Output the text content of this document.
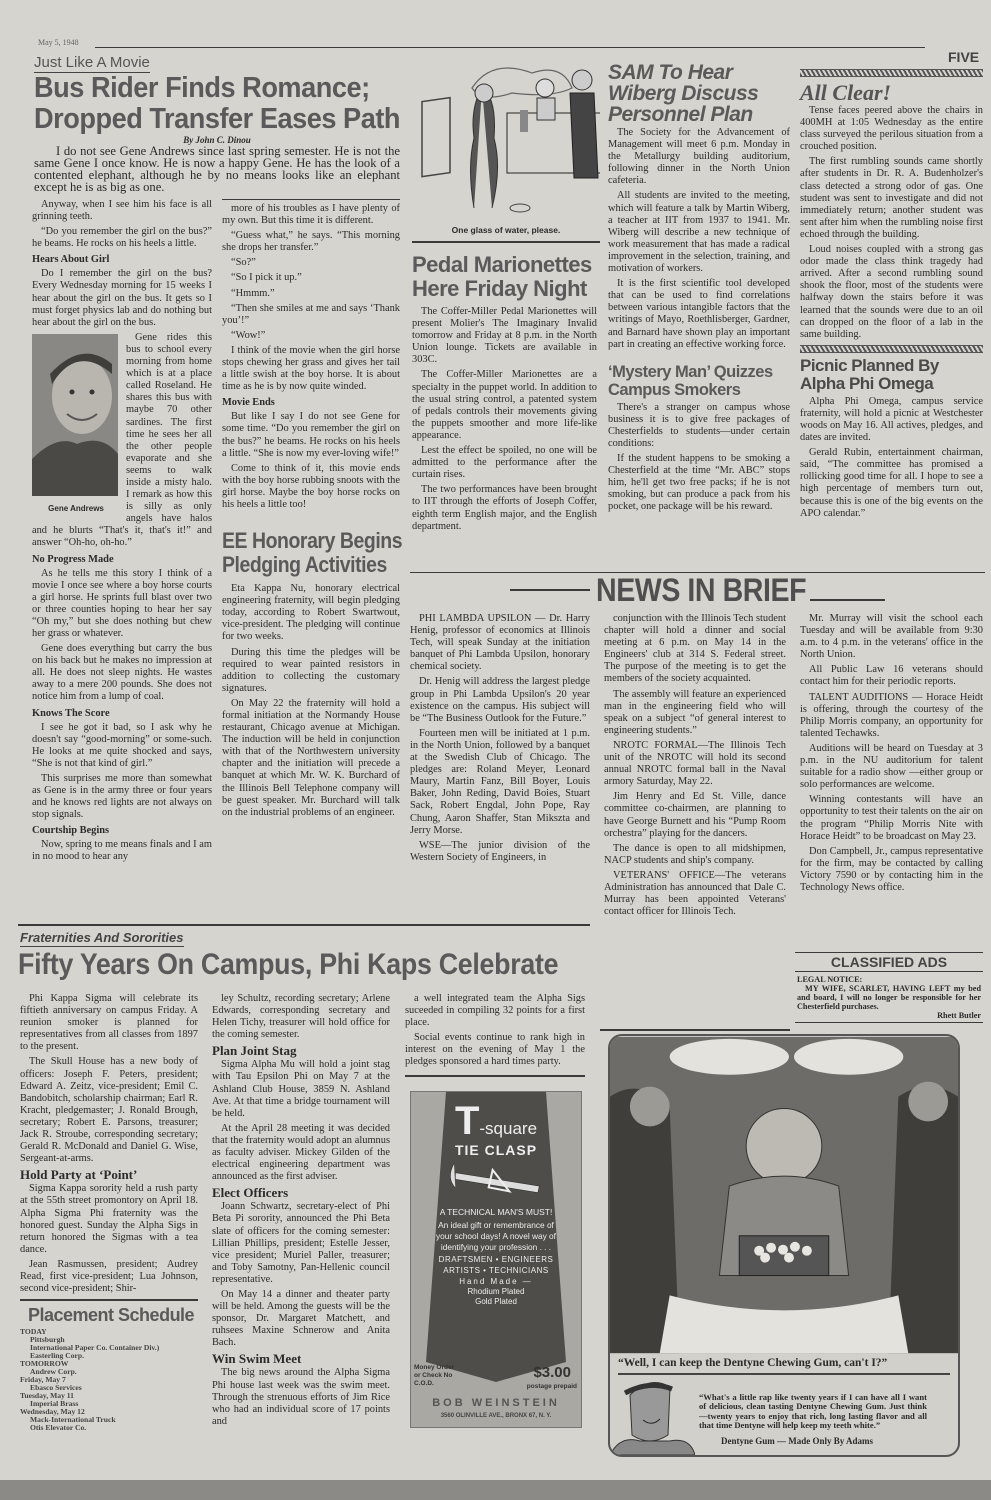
May 5, 1948
FIVE
Just Like A Movie
Bus Rider Finds Romance;
Dropped Transfer Eases Path
By John C. Dinou
I do not see Gene Andrews since last spring semester. He is not the same Gene I once know. He is now a happy Gene. He has the look of a contented elephant, although he by no means looks like an elephant except he is as big as one.

Anyway, when I see him his face is all grinning teeth.

“Do you remember the girl on the bus?” he beams. He rocks on his heels a little.

Hears About Girl

Do I remember the girl on the bus? Every Wednesday morning for 15 weeks I hear about the girl on the bus. It gets so I must forget physics lab and do nothing but hear about the girl on the bus.

Gene Andrews

Gene rides this bus to school every morning from home which is at a place called Roseland. He shares this bus with maybe 70 other sardines. The first time he sees her all the other people evaporate and she seems to walk inside a misty halo. I remark as how this is silly as only angels have halos and he blurts “That's it, that's it!” and answer “Oh-ho, oh-ho.”

No Progress Made

As he tells me this story I think of a movie I once see where a boy horse courts a girl horse. He sprints full blast over two or three counties hoping to hear her say “Oh my,” but she does nothing but chew her grass or whatever.

Gene does everything but carry the bus on his back but he makes no impression at all. He does not sleep nights. He wastes away to a mere 200 pounds. She does not notice him from a lump of coal.

Knows The Score

I see he got it bad, so I ask why he doesn't say “good-morning” or some-such. He looks at me quite shocked and says, “She is not that kind of girl.”

This surprises me more than somewhat as Gene is in the army three or four years and he knows red lights are not always on stop signals.

Courtship Begins

Now, spring to me means finals and I am in no mood to hear any

more of his troubles as I have plenty of my own. But this time it is different.

“Guess what,” he says. “This morning she drops her transfer.”

“So?”

“So I pick it up.”

“Hmmm.”

“Then she smiles at me and says ‘Thank you’!”

“Wow!”

I think of the movie when the girl horse stops chewing her grass and gives her tail a little swish at the boy horse. It is about time as he is by now quite winded.

Movie Ends

But like I say I do not see Gene for some time. “Do you remember the girl on the bus?” he beams. He rocks on his heels a little. “She is now my ever-loving wife!”

Come to think of it, this movie ends with the boy horse rubbing snoots with the girl horse. Maybe the boy horse rocks on his heels a little too!

EE Honorary Begins
Pledging Activities

Eta Kappa Nu, honorary electrical engineering fraternity, will begin pledging today, according to Robert Swartwout, vice-president. The pledging will continue for two weeks.

During this time the pledges will be required to wear painted resistors in addition to collecting the customary signatures.

On May 22 the fraternity will hold a formal initiation at the Normandy House restaurant, Chicago avenue at Michigan. The induction will be held in conjunction with that of the Northwestern university chapter and the initiation will precede a banquet at which Mr. W. K. Burchard of the Illinois Bell Telephone company will be guest speaker. Mr. Burchard will talk on the industrial problems of an engineer.

One glass of water, please.
Pedal Marionettes
Here Friday Night

The Coffer-Miller Pedal Marionettes will present Molier's The Imaginary Invalid tomorrow and Friday at 8 p.m. in the North Union lounge. Tickets are available in 303C.

The Coffer-Miller Marionettes are a specialty in the puppet world. In addition to the usual string control, a patented system of pedals controls their movements giving the puppets smoother and more life-like appearance.

Lest the effect be spoiled, no one will be admitted to the performance after the curtain rises.

The two performances have been brought to IIT through the efforts of Joseph Coffer, eighth term English major, and the English department.

SAM To Hear
Wiberg Discuss
Personnel Plan

The Society for the Advancement of Management will meet 6 p.m. Monday in the Metallurgy building auditorium, following dinner in the North Union cafeteria.

All students are invited to the meeting, which will feature a talk by Martin Wiberg, a teacher at IIT from 1937 to 1941. Mr. Wiberg will describe a new technique of work measurement that has made a radical improvement in the selection, training, and motivation of workers.

It is the first scientific tool developed that can be used to find correlations between various intangible factors that the writings of Mayo, Roethlisberger, Gardner, and Barnard have shown play an important part in creating an effective working force.

‘Mystery Man’ Quizzes
Campus Smokers

There's a stranger on campus whose business it is to give free packages of Chesterfields to students—under certain conditions:

If the student happens to be smoking a Chesterfield at the time “Mr. ABC” stops him, he'll get two free packs; if he is not smoking, but can produce a pack from his pocket, one package will be his reward.

All Clear!

Tense faces peered above the chairs in 400MH at 1:05 Wednesday as the entire class surveyed the perilous situation from a crouched position.

The first rumbling sounds came shortly after students in Dr. R. A. Budenholzer's class detected a strong odor of gas. One student was sent to investigate and did not immediately return; another student was sent after him when the rumbling noise first echoed through the building.

Loud noises coupled with a strong gas odor made the class think tragedy had arrived. After a second rumbling sound shook the floor, most of the students were halfway down the stairs before it was learned that the sounds were due to an oil can dropped on the floor of a lab in the same building.

Picnic Planned By
Alpha Phi Omega

Alpha Phi Omega, campus service fraternity, will hold a picnic at Westchester woods on May 16. All actives, pledges, and dates are invited.

Gerald Rubin, entertainment chairman, said, “The committee has promised a rollicking good time for all. I hope to see a high percentage of members turn out, because this is one of the big events on the APO calendar.”

NEWS IN BRIEF

PHI LAMBDA UPSILON — Dr. Harry Henig, professor of economics at Illinois Tech, will speak Sunday at the initiation banquet of Phi Lambda Upsilon, honorary chemical society.

Dr. Henig will address the largest pledge group in Phi Lambda Upsilon's 20 year existence on the campus. His subject will be “The Business Outlook for the Future.”

Fourteen men will be initiated at 1 p.m. in the North Union, followed by a banquet at the Swedish Club of Chicago. The pledges are: Roland Meyer, Leonard Maury, Martin Fanz, Bill Boyer, Louis Baker, John Reding, David Boies, Stuart Sack, Robert Engdal, John Pope, Ray Chung, Aaron Shaffer, Stan Mikszta and Jerry Morse.

WSE—The junior division of the Western Society of Engineers, in

conjunction with the Illinois Tech student chapter will hold a dinner and social meeting at 6 p.m. on May 14 in the Engineers' club at 314 S. Federal street. The purpose of the meeting is to get the members of the society acquainted.

The assembly will feature an experienced man in the engineering field who will speak on a subject “of general interest to engineering students.”

NROTC FORMAL—The Illinois Tech unit of the NROTC will hold its second annual NROTC formal ball in the Naval armory Saturday, May 22.

Jim Henry and Ed St. Ville, dance committee co-chairmen, are planning to have George Burnett and his “Pump Room orchestra” playing for the dancers.

The dance is open to all midshipmen, NACP students and ship's company.

VETERANS' OFFICE—The veterans Administration has announced that Dale C. Murray has been appointed Veterans' contact officer for Illinois Tech.

Mr. Murray will visit the school each Tuesday and will be available from 9:30 a.m. to 4 p.m. in the veterans' office in the North Union.

All Public Law 16 veterans should contact him for their periodic reports.

TALENT AUDITIONS — Horace Heidt is offering, through the courtesy of the Philip Morris company, an opportunity for talented Techawks.

Auditions will be heard on Tuesday at 3 p.m. in the NU auditorium for talent suitable for a radio show —either group or solo performances are welcome.

Winning contestants will have an opportunity to test their talents on the air on the program “Philip Morris Nite with Horace Heidt” to be broadcast on May 23.

Don Campbell, Jr., campus representative for the firm, may be contacted by calling Victory 7590 or by contacting him in the Technology News office.

CLASSIFIED ADS
LEGAL NOTICE:
MY WIFE, SCARLET, HAVING LEFT my bed and board, I will no longer be responsible for her Chesterfield purchases.
Rhett Butler
Fraternities And Sororities
Fifty Years On Campus, Phi Kaps Celebrate

Phi Kappa Sigma will celebrate its fiftieth anniversary on campus Friday. A reunion smoker is planned for representatives from all classes from 1897 to the present.

The Skull House has a new body of officers: Joseph F. Peters, president; Edward A. Zeitz, vice-president; Emil C. Bandobitch, scholarship chairman; Earl R. Kracht, pledgemaster; J. Ronald Brough, secretary; Robert E. Parsons, treasurer; Jack R. Stroube, corresponding secretary; Gerald R. McDonald and Daniel G. Wise, Sergeant-at-arms.

Hold Party at ‘Point’

Sigma Kappa sorority held a rush party at the 55th street promontory on April 18. Alpha Sigma Phi fraternity was the honored guest. Sunday the Alpha Sigs in return honored the Sigmas with a tea dance.

Jean Rasmussen, president; Audrey Read, first vice-president; Lua Johnson, second vice-president; Shir-

Placement Schedule
TODAY
Pittsburgh
International Paper Co. Container Div.)
Easterling Corp.
TOMORROW
Andrew Corp.
Friday, May 7
Ebasco Services
Tuesday, May 11
Imperial Brass
Wednesday, May 12
Mack-International Truck
Otis Elevator Co.

ley Schultz, recording secretary; Arlene Edwards, corresponding secretary and Helen Tichy, treasurer will hold office for the coming semester.

Plan Joint Stag

Sigma Alpha Mu will hold a joint stag with Tau Epsilon Phi on May 7 at the Ashland Club House, 3859 N. Ashland Ave. At that time a bridge tournament will be held.

At the April 28 meeting it was decided that the fraternity would adopt an alumnus as faculty adviser. Mickey Gilden of the electrical engineering department was announced as the first adviser.

Elect Officers

Joann Schwartz, secretary-elect of Phi Beta Pi sorority, announced the Phi Beta slate of officers for the coming semester: Lillian Phillips, president; Estelle Jesser, vice president; Muriel Paller, treasurer; and Toby Samotny, Pan-Hellenic council representative.

On May 14 a dinner and theater party will be held. Among the guests will be the sponsor, Dr. Margaret Matchett, and ruhsees Maxine Schnerow and Anita Bach.

Win Swim Meet

The big news around the Alpha Sigma Phi house last week was the swim meet. Through the strenuous efforts of Jim Rice who had an individual score of 17 points and

a well integrated team the Alpha Sigs suceeded in compiling 32 points for a first place.

Social events continue to rank high in interest on the evening of May 1 the pledges sponsored a hard times party.

T-square
TIE CLASP
A TECHNICAL MAN'S MUST!
An ideal gift or remembrance of your school days! A novel way of identifying your profession . . .
DRAFTSMEN • ENGINEERS
ARTISTS • TECHNICIANS
Hand Made —
Rhodium Plated
Gold Plated
Money Order or Check No C.O.D.
$3.00
postage prepaid
BOB WEINSTEIN
3560 OLINVILLE AVE., BRONX 67, N. Y.
“Well, I can keep the Dentyne Chewing Gum, can't I?”
“What's a little rap like twenty years if I can have all I want of delicious, clean tasting Dentyne Chewing Gum. Just think—twenty years to enjoy that rich, long lasting flavor and all that time Dentyne will help keep my teeth white.”
Dentyne Gum — Made Only By Adams
